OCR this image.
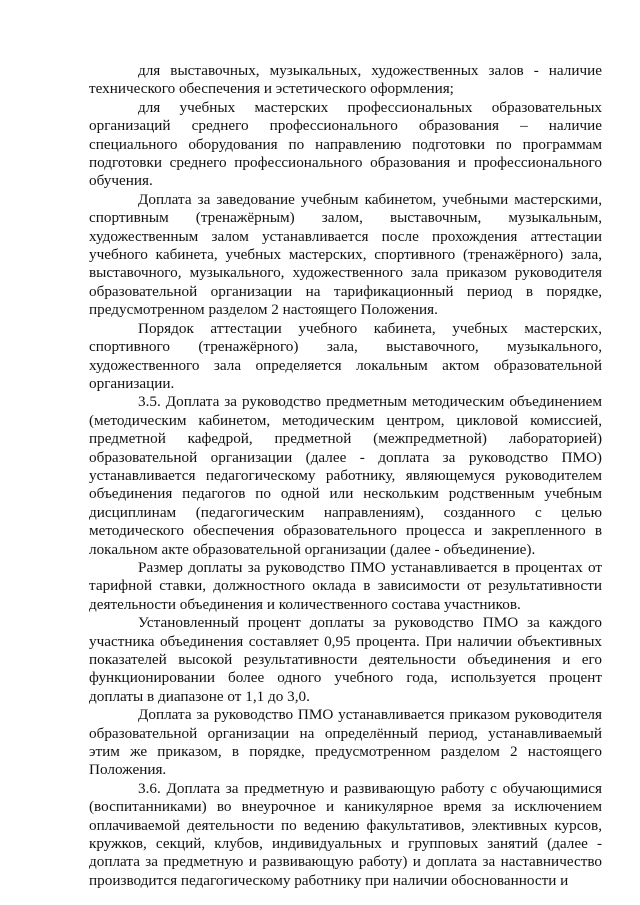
для выставочных, музыкальных, художественных залов - наличие технического обеспечения и эстетического оформления;

для учебных мастерских профессиональных образовательных организаций среднего профессионального образования – наличие специального оборудования по направлению подготовки по программам подготовки среднего профессионального образования и профессионального обучения.

Доплата за заведование учебным кабинетом, учебными мастерскими, спортивным (тренажёрным) залом, выставочным, музыкальным, художественным залом устанавливается после прохождения аттестации учебного кабинета, учебных мастерских, спортивного (тренажёрного) зала, выставочного, музыкального, художественного зала приказом руководителя образовательной организации на тарификационный период в порядке, предусмотренном разделом 2 настоящего Положения.

Порядок аттестации учебного кабинета, учебных мастерских, спортивного (тренажёрного) зала, выставочного, музыкального, художественного зала определяется локальным актом образовательной организации.

3.5. Доплата за руководство предметным методическим объединением (методическим кабинетом, методическим центром, цикловой комиссией, предметной кафедрой, предметной (межпредметной) лабораторией) образовательной организации (далее - доплата за руководство ПМО) устанавливается педагогическому работнику, являющемуся руководителем объединения педагогов по одной или нескольким родственным учебным дисциплинам (педагогическим направлениям), созданного с целью методического обеспечения образовательного процесса и закрепленного в локальном акте образовательной организации (далее - объединение).

Размер доплаты за руководство ПМО устанавливается в процентах от тарифной ставки, должностного оклада в зависимости от результативности деятельности объединения и количественного состава участников.

Установленный процент доплаты за руководство ПМО за каждого участника объединения составляет 0,95 процента. При наличии объективных показателей высокой результативности деятельности объединения и его функционировании более одного учебного года, используется процент доплаты в диапазоне от 1,1 до 3,0.

Доплата за руководство ПМО устанавливается приказом руководителя образовательной организации на определённый период, устанавливаемый этим же приказом, в порядке, предусмотренном разделом 2 настоящего Положения.

3.6. Доплата за предметную и развивающую работу с обучающимися (воспитанниками) во внеурочное и каникулярное время за исключением оплачиваемой деятельности по ведению факультативов, элективных курсов, кружков, секций, клубов, индивидуальных и групповых занятий (далее - доплата за предметную и развивающую работу) и доплата за наставничество производится педагогическому работнику при наличии обоснованности и
